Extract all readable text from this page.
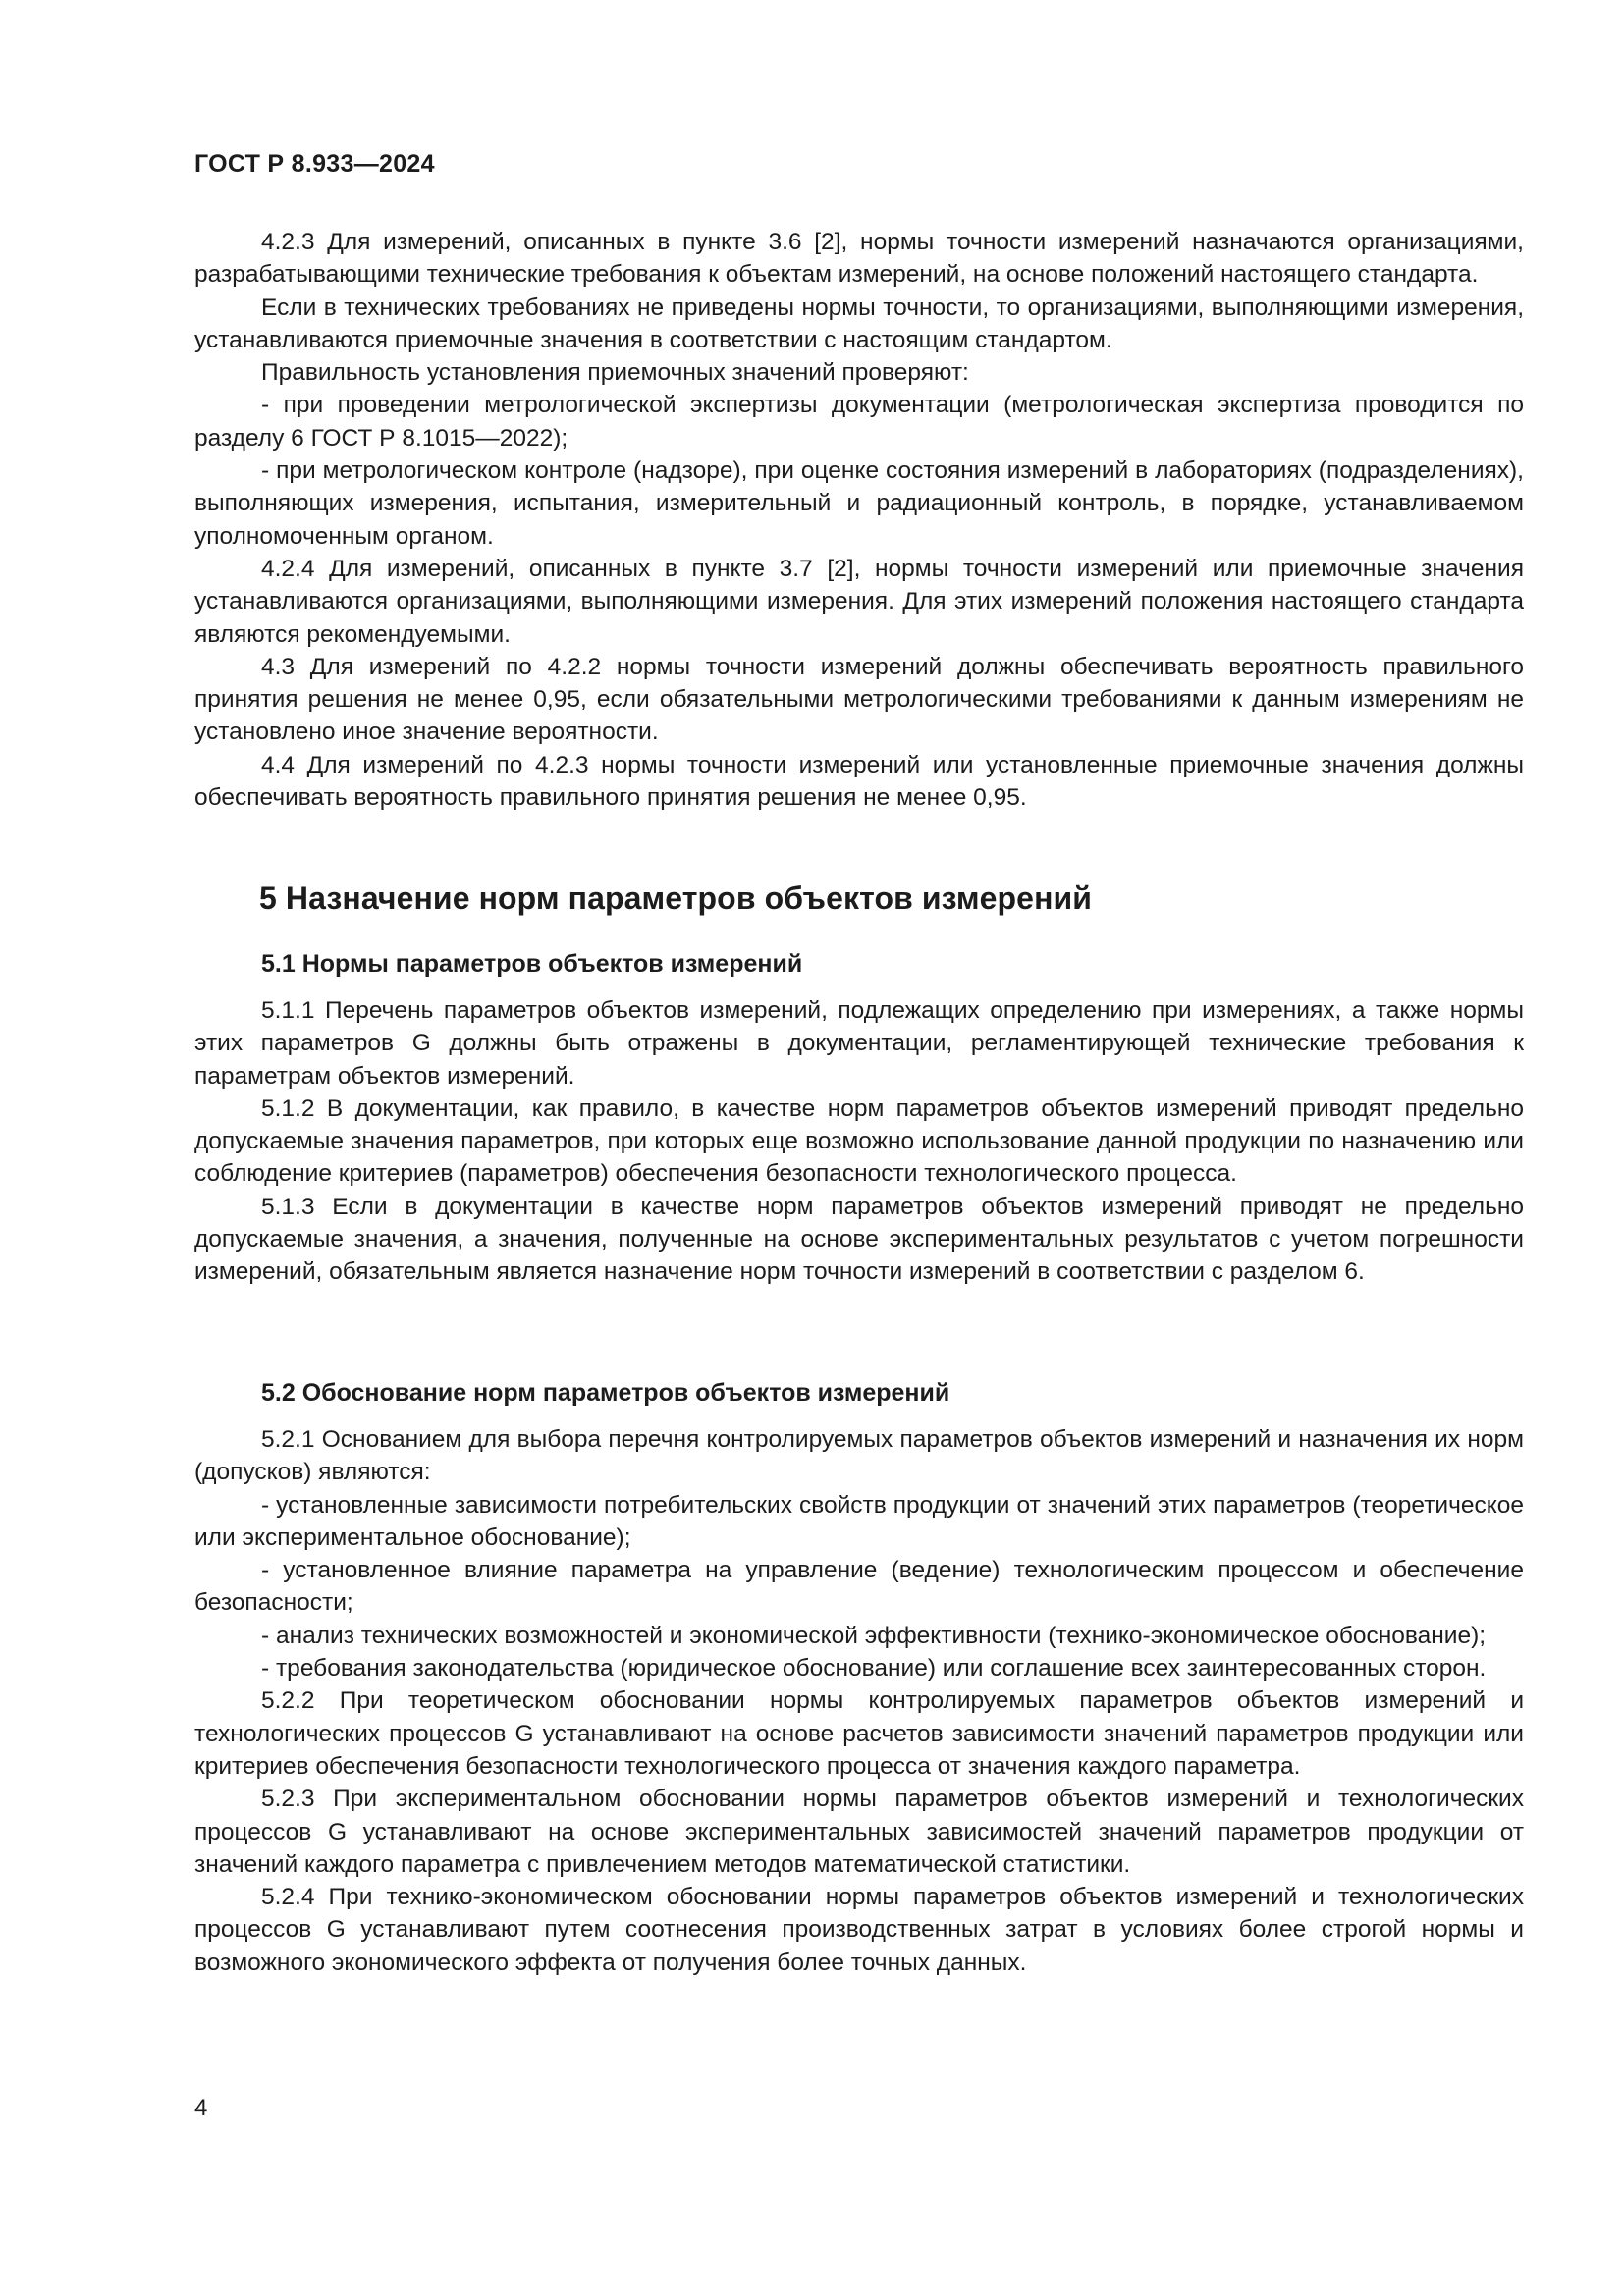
ГОСТ Р 8.933—2024

4.2.3 Для измерений, описанных в пункте 3.6 [2], нормы точности измерений назначаются организациями, разрабатывающими технические требования к объектам измерений, на основе положений настоящего стандарта.

Если в технических требованиях не приведены нормы точности, то организациями, выполняющими измерения, устанавливаются приемочные значения в соответствии с настоящим стандартом.

Правильность установления приемочных значений проверяют:

- при проведении метрологической экспертизы документации (метрологическая экспертиза проводится по разделу 6 ГОСТ Р 8.1015—2022);

- при метрологическом контроле (надзоре), при оценке состояния измерений в лабораториях (подразделениях), выполняющих измерения, испытания, измерительный и радиационный контроль, в порядке, устанавливаемом уполномоченным органом.

4.2.4 Для измерений, описанных в пункте 3.7 [2], нормы точности измерений или приемочные значения устанавливаются организациями, выполняющими измерения. Для этих измерений положения настоящего стандарта являются рекомендуемыми.

4.3 Для измерений по 4.2.2 нормы точности измерений должны обеспечивать вероятность правильного принятия решения не менее 0,95, если обязательными метрологическими требованиями к данным измерениям не установлено иное значение вероятности.

4.4 Для измерений по 4.2.3 нормы точности измерений или установленные приемочные значения должны обеспечивать вероятность правильного принятия решения не менее 0,95.

5 Назначение норм параметров объектов измерений
5.1 Нормы параметров объектов измерений

5.1.1 Перечень параметров объектов измерений, подлежащих определению при измерениях, а также нормы этих параметров G должны быть отражены в документации, регламентирующей технические требования к параметрам объектов измерений.

5.1.2 В документации, как правило, в качестве норм параметров объектов измерений приводят предельно допускаемые значения параметров, при которых еще возможно использование данной продукции по назначению или соблюдение критериев (параметров) обеспечения безопасности технологического процесса.

5.1.3 Если в документации в качестве норм параметров объектов измерений приводят не предельно допускаемые значения, а значения, полученные на основе экспериментальных результатов с учетом погрешности измерений, обязательным является назначение норм точности измерений в соответствии с разделом 6.

5.2 Обоснование норм параметров объектов измерений

5.2.1 Основанием для выбора перечня контролируемых параметров объектов измерений и назначения их норм (допусков) являются:

- установленные зависимости потребительских свойств продукции от значений этих параметров (теоретическое или экспериментальное обоснование);

- установленное влияние параметра на управление (ведение) технологическим процессом и обеспечение безопасности;

- анализ технических возможностей и экономической эффективности (технико-экономическое обоснование);

- требования законодательства (юридическое обоснование) или соглашение всех заинтересованных сторон.

5.2.2 При теоретическом обосновании нормы контролируемых параметров объектов измерений и технологических процессов G устанавливают на основе расчетов зависимости значений параметров продукции или критериев обеспечения безопасности технологического процесса от значения каждого параметра.

5.2.3 При экспериментальном обосновании нормы параметров объектов измерений и технологических процессов G устанавливают на основе экспериментальных зависимостей значений параметров продукции от значений каждого параметра с привлечением методов математической статистики.

5.2.4 При технико-экономическом обосновании нормы параметров объектов измерений и технологических процессов G устанавливают путем соотнесения производственных затрат в условиях более строгой нормы и возможного экономического эффекта от получения более точных данных.

4
